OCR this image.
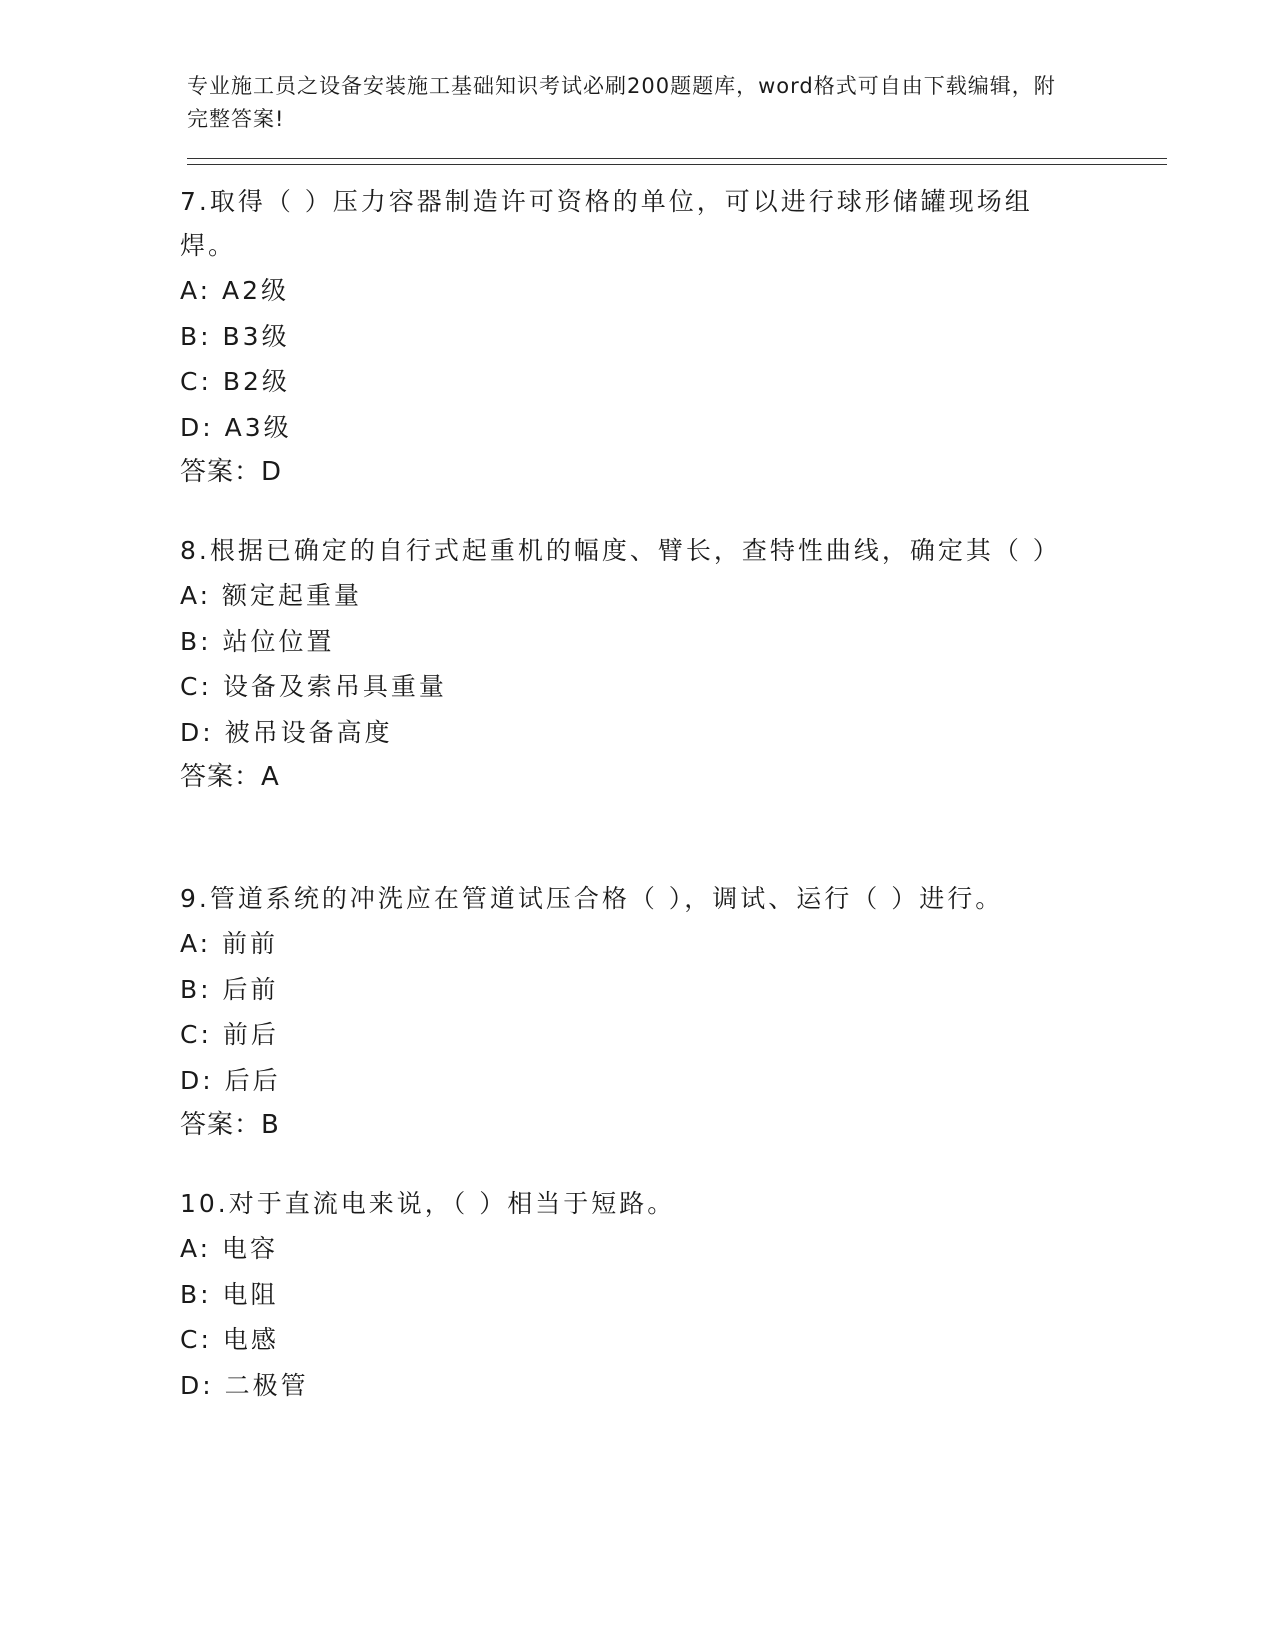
专业施工员之设备安装施工基础知识考试必刷200题题库，word格式可自由下载编辑，附完整答案!

7.取得（ ）压力容器制造许可资格的单位，可以进行球形储罐现场组焊。

A: A2级

B: B3级

C: B2级

D: A3级

答案：D

8.根据已确定的自行式起重机的幅度、臂长，查特性曲线，确定其（ ）

A: 额定起重量

B: 站位位置

C: 设备及索吊具重量

D: 被吊设备高度

答案：A

9.管道系统的冲洗应在管道试压合格（ ），调试、运行（ ）进行。

A: 前前

B: 后前

C: 前后

D: 后后

答案：B

10.对于直流电来说，（ ）相当于短路。

A: 电容

B: 电阻

C: 电感

D: 二极管
